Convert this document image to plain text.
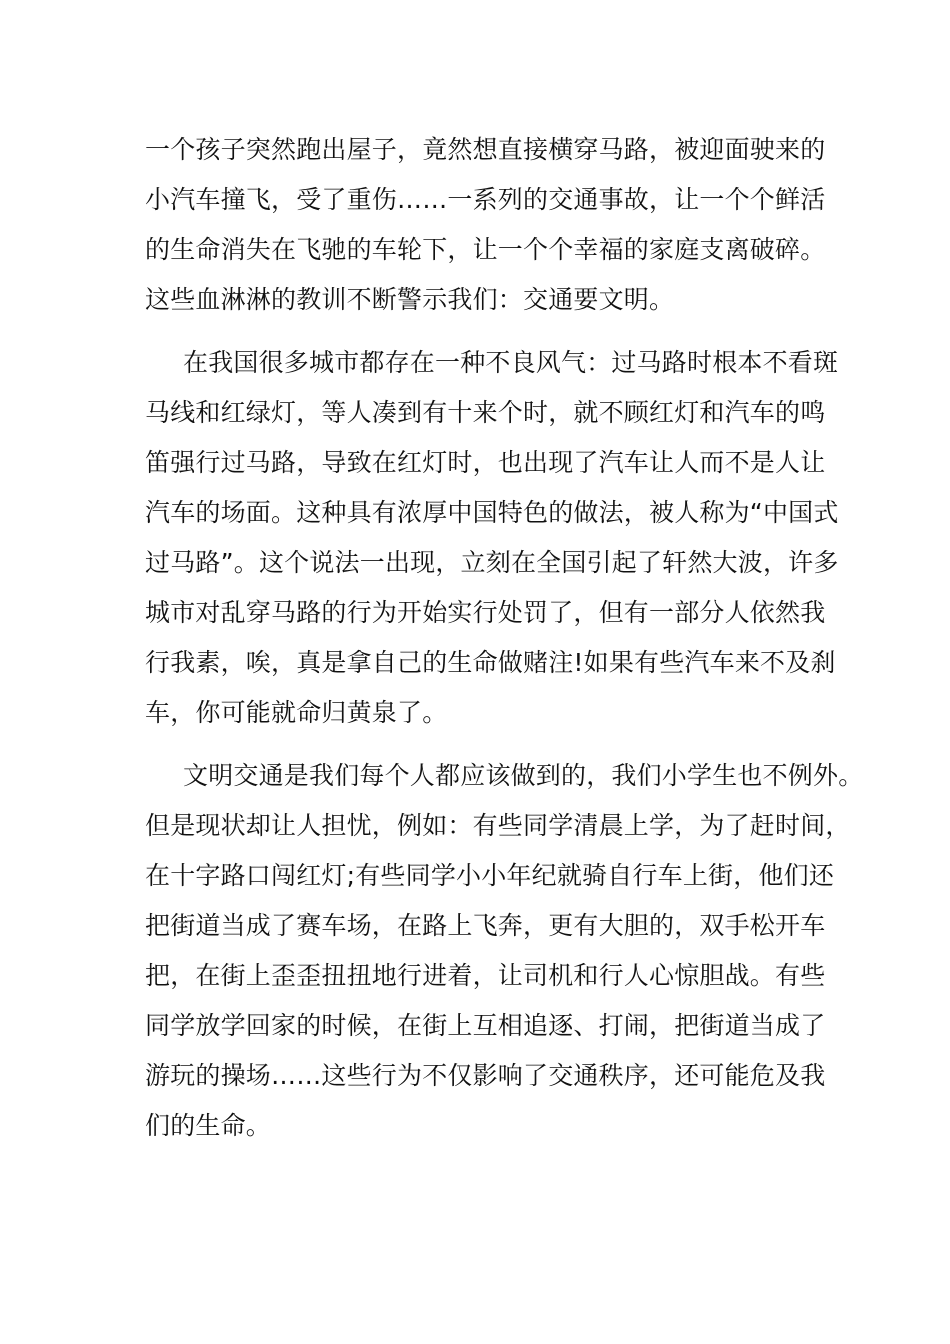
一个孩子突然跑出屋子，竟然想直接横穿马路，被迎面驶来的
小汽车撞飞，受了重伤……一系列的交通事故，让一个个鲜活
的生命消失在飞驰的车轮下，让一个个幸福的家庭支离破碎。
这些血淋淋的教训不断警示我们：交通要文明。
在我国很多城市都存在一种不良风气：过马路时根本不看斑
马线和红绿灯，等人凑到有十来个时，就不顾红灯和汽车的鸣
笛强行过马路，导致在红灯时，也出现了汽车让人而不是人让
汽车的场面。这种具有浓厚中国特色的做法，被人称为“中国式
过马路”。这个说法一出现，立刻在全国引起了轩然大波，许多
城市对乱穿马路的行为开始实行处罚了，但有一部分人依然我
行我素，唉，真是拿自己的生命做赌注!如果有些汽车来不及刹
车，你可能就命归黄泉了。
文明交通是我们每个人都应该做到的，我们小学生也不例外。
但是现状却让人担忧，例如：有些同学清晨上学，为了赶时间，
在十字路口闯红灯;有些同学小小年纪就骑自行车上街，他们还
把街道当成了赛车场，在路上飞奔，更有大胆的，双手松开车
把，在街上歪歪扭扭地行进着，让司机和行人心惊胆战。有些
同学放学回家的时候，在街上互相追逐、打闹，把街道当成了
游玩的操场……这些行为不仅影响了交通秩序，还可能危及我
们的生命。
